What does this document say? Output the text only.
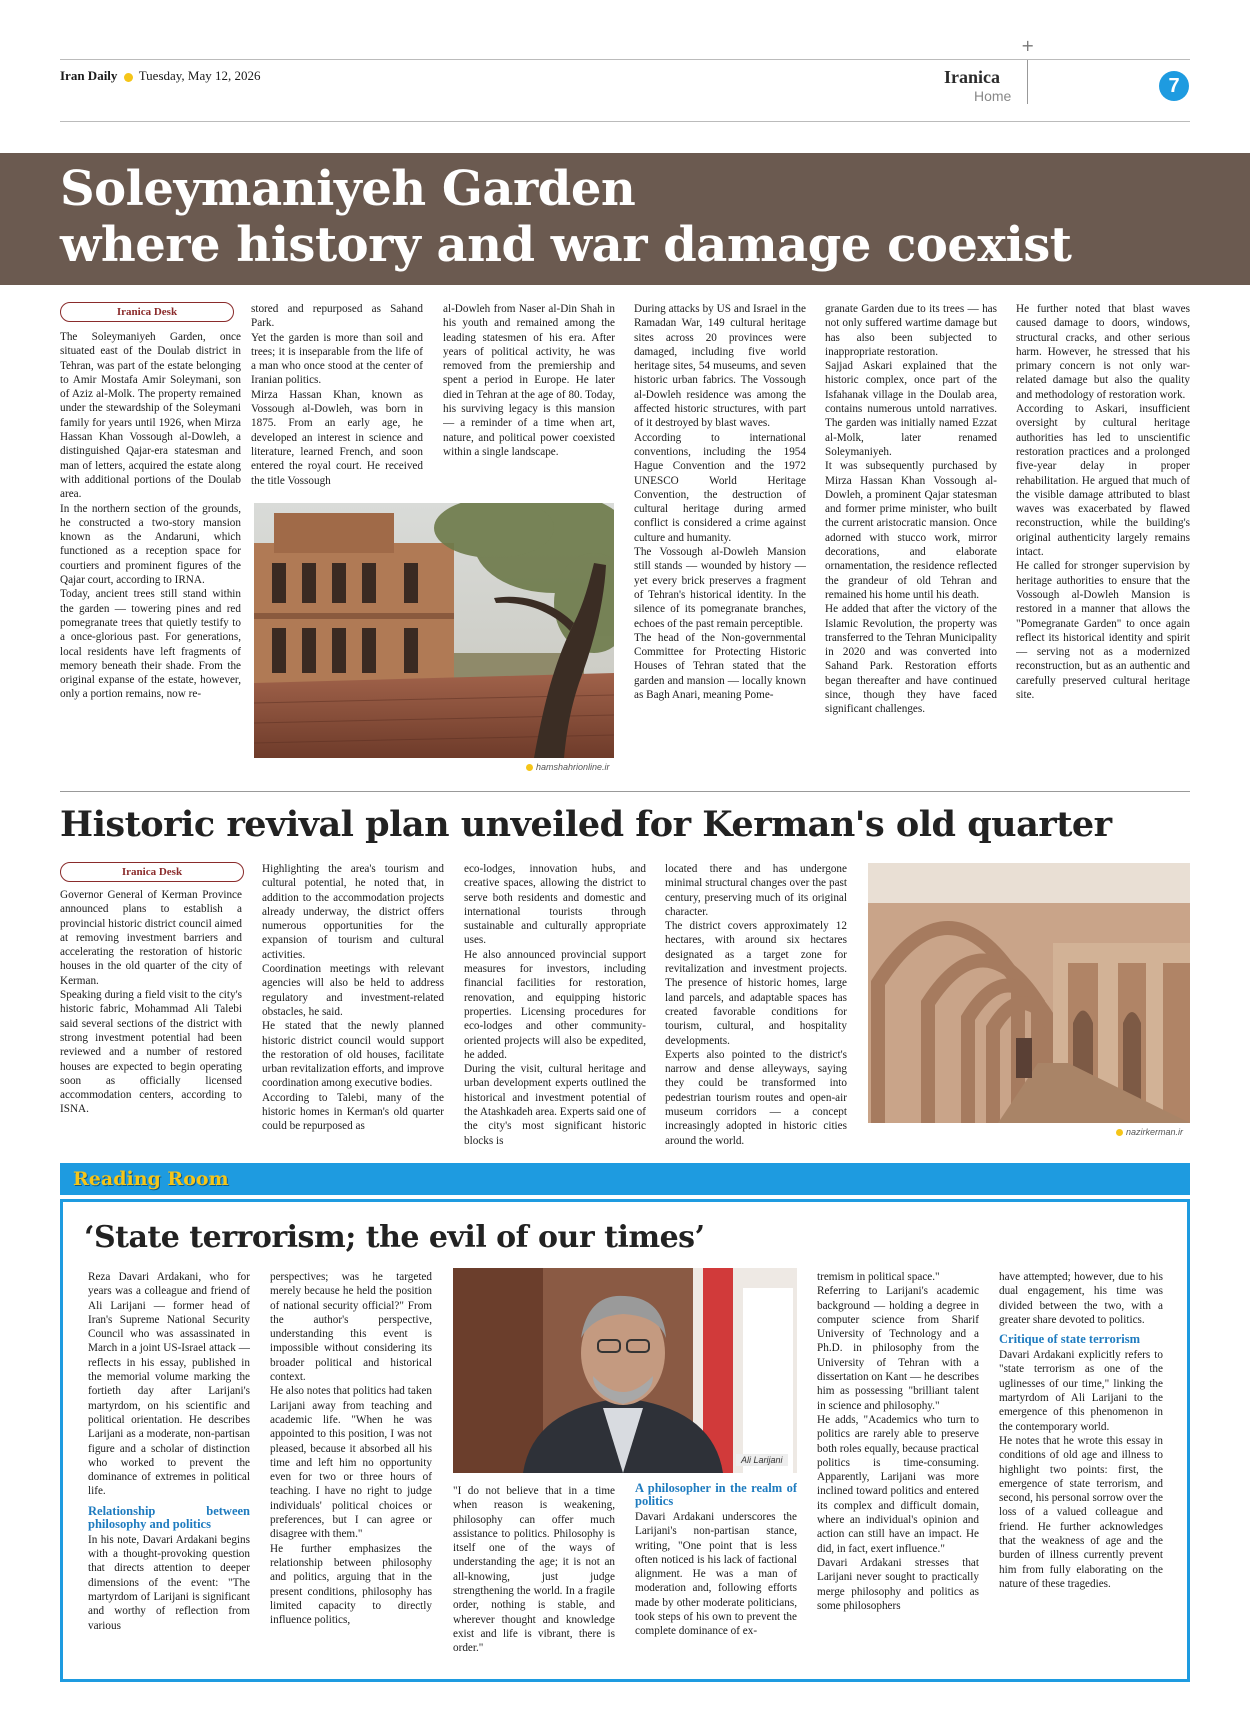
+
Iran Daily Tuesday, May 12, 2026	Iranica
Home	7
Soleymaniyeh Garden
where history and war damage coexist
Iranica Desk

The Soleymaniyeh Garden, once situated east of the Doulab district in Tehran, was part of the estate belonging to Amir Mostafa Amir Soleymani, son of Aziz al-Molk. The property remained under the stewardship of the Soleymani family for years until 1926, when Mirza Hassan Khan Vossough al-Dowleh, a distinguished Qajar-era statesman and man of letters, acquired the estate along with additional portions of the Doulab area.

In the northern section of the grounds, he constructed a two-story mansion known as the Andaruni, which functioned as a reception space for courtiers and prominent figures of the Qajar court, according to IRNA.

Today, ancient trees still stand within the garden — towering pines and red pomegranate trees that quietly testify to a once-glorious past. For generations, local residents have left fragments of memory beneath their shade. From the original expanse of the estate, however, only a portion remains, now re-

stored and repurposed as Sahand Park.

Yet the garden is more than soil and trees; it is inseparable from the life of a man who once stood at the center of Iranian politics.

Mirza Hassan Khan, known as Vossough al-Dowleh, was born in 1875. From an early age, he developed an interest in science and literature, learned French, and soon entered the royal court. He received the title Vossough

al-Dowleh from Naser al-Din Shah in his youth and remained among the leading statesmen of his era. After years of political activity, he was removed from the premiership and spent a period in Europe. He later died in Tehran at the age of 80. Today, his surviving legacy is this mansion — a reminder of a time when art, nature, and political power coexisted within a single landscape.

During attacks by US and Israel in the Ramadan War, 149 cultural heritage sites across 20 provinces were damaged, including five world heritage sites, 54 museums, and seven historic urban fabrics. The Vossough al-Dowleh residence was among the affected historic structures, with part of it destroyed by blast waves.

According to international conventions, including the 1954 Hague Convention and the 1972 UNESCO World Heritage Convention, the destruction of cultural heritage during armed conflict is considered a crime against culture and humanity.

The Vossough al-Dowleh Mansion still stands — wounded by history — yet every brick preserves a fragment of Tehran's historical identity. In the silence of its pomegranate branches, echoes of the past remain perceptible.

The head of the Non-governmental Committee for Protecting Historic Houses of Tehran stated that the garden and mansion — locally known as Bagh Anari, meaning Pome-

granate Garden due to its trees — has not only suffered wartime damage but has also been subjected to inappropriate restoration.

Sajjad Askari explained that the historic complex, once part of the Isfahanak village in the Doulab area, contains numerous untold narratives. The garden was initially named Ezzat al-Molk, later renamed Soleymaniyeh.

It was subsequently purchased by Mirza Hassan Khan Vossough al-Dowleh, a prominent Qajar statesman and former prime minister, who built the current aristocratic mansion. Once adorned with stucco work, mirror decorations, and elaborate ornamentation, the residence reflected the grandeur of old Tehran and remained his home until his death.

He added that after the victory of the Islamic Revolution, the property was transferred to the Tehran Municipality in 2020 and was converted into Sahand Park. Restoration efforts began thereafter and have continued since, though they have faced significant challenges.

He further noted that blast waves caused damage to doors, windows, structural cracks, and other serious harm. However, he stressed that his primary concern is not only war-related damage but also the quality and methodology of restoration work.

According to Askari, insufficient oversight by cultural heritage authorities has led to unscientific restoration practices and a prolonged five-year delay in proper rehabilitation. He argued that much of the visible damage attributed to blast waves was exacerbated by flawed reconstruction, while the building's original authenticity largely remains intact.

He called for stronger supervision by heritage authorities to ensure that the Vossough al-Dowleh Mansion is restored in a manner that allows the "Pomegranate Garden" to once again reflect its historical identity and spirit — serving not as a modernized reconstruction, but as an authentic and carefully preserved cultural heritage site.

hamshahrionline.ir
Historic revival plan unveiled for Kerman's old quarter
Iranica Desk

Governor General of Kerman Province announced plans to establish a provincial historic district council aimed at removing investment barriers and accelerating the restoration of historic houses in the old quarter of the city of Kerman.

Speaking during a field visit to the city's historic fabric, Mohammad Ali Talebi said several sections of the district with strong investment potential had been reviewed and a number of restored houses are expected to begin operating soon as officially licensed accommodation centers, according to ISNA.

Highlighting the area's tourism and cultural potential, he noted that, in addition to the accommodation projects already underway, the district offers numerous opportunities for the expansion of tourism and cultural activities.

Coordination meetings with relevant agencies will also be held to address regulatory and investment-related obstacles, he said.

He stated that the newly planned historic district council would support the restoration of old houses, facilitate urban revitalization efforts, and improve coordination among executive bodies.

According to Talebi, many of the historic homes in Kerman's old quarter could be repurposed as

eco-lodges, innovation hubs, and creative spaces, allowing the district to serve both residents and domestic and international tourists through sustainable and culturally appropriate uses.

He also announced provincial support measures for investors, including financial facilities for restoration, renovation, and equipping historic properties. Licensing procedures for eco-lodges and other community-oriented projects will also be expedited, he added.

During the visit, cultural heritage and urban development experts outlined the historical and investment potential of the Atashkadeh area. Experts said one of the city's most significant historic blocks is

located there and has undergone minimal structural changes over the past century, preserving much of its original character.

The district covers approximately 12 hectares, with around six hectares designated as a target zone for revitalization and investment projects. The presence of historic homes, large land parcels, and adaptable spaces has created favorable conditions for tourism, cultural, and hospitality developments.

Experts also pointed to the district's narrow and dense alleyways, saying they could be transformed into pedestrian tourism routes and open-air museum corridors — a concept increasingly adopted in historic cities around the world.

nazirkerman.ir
Reading Room
‘State terrorism; the evil of our times’

Reza Davari Ardakani, who for years was a colleague and friend of Ali Larijani — former head of Iran's Supreme National Security Council who was assassinated in March in a joint US-Israel attack — reflects in his essay, published in the memorial volume marking the fortieth day after Larijani's martyrdom, on his scientific and political orientation. He describes Larijani as a moderate, non-partisan figure and a scholar of distinction who worked to prevent the dominance of extremes in political life.

Relationship between philosophy and politics

In his note, Davari Ardakani begins with a thought-provoking question that directs attention to deeper dimensions of the event: "The martyrdom of Larijani is significant and worthy of reflection from various

perspectives; was he targeted merely because he held the position of national security official?" From the author's perspective, understanding this event is impossible without considering its broader political and historical context.

He also notes that politics had taken Larijani away from teaching and academic life. "When he was appointed to this position, I was not pleased, because it absorbed all his time and left him no opportunity even for two or three hours of teaching. I have no right to judge individuals' political choices or preferences, but I can agree or disagree with them."

He further emphasizes the relationship between philosophy and politics, arguing that in the present conditions, philosophy has limited capacity to directly influence politics,

Ali Larijani

"I do not believe that in a time when reason is weakening, philosophy can offer much assistance to politics. Philosophy is itself one of the ways of understanding the age; it is not an all-knowing, just judge strengthening the world. In a fragile order, nothing is stable, and wherever thought and knowledge exist and life is vibrant, there is order."

A philosopher in the realm of politics

Davari Ardakani underscores the Larijani's non-partisan stance, writing, "One point that is less often noticed is his lack of factional alignment. He was a man of moderation and, following efforts made by other moderate politicians, took steps of his own to prevent the complete dominance of ex-

tremism in political space."

Referring to Larijani's academic background — holding a degree in computer science from Sharif University of Technology and a Ph.D. in philosophy from the University of Tehran with a dissertation on Kant — he describes him as possessing "brilliant talent in science and philosophy."

He adds, "Academics who turn to politics are rarely able to preserve both roles equally, because practical politics is time-consuming. Apparently, Larijani was more inclined toward politics and entered its complex and difficult domain, where an individual's opinion and action can still have an impact. He did, in fact, exert influence."

Davari Ardakani stresses that Larijani never sought to practically merge philosophy and politics as some philosophers

have attempted; however, due to his dual engagement, his time was divided between the two, with a greater share devoted to politics.

Critique of state terrorism

Davari Ardakani explicitly refers to "state terrorism as one of the uglinesses of our time," linking the martyrdom of Ali Larijani to the emergence of this phenomenon in the contemporary world.

He notes that he wrote this essay in conditions of old age and illness to highlight two points: first, the emergence of state terrorism, and second, his personal sorrow over the loss of a valued colleague and friend. He further acknowledges that the weakness of age and the burden of illness currently prevent him from fully elaborating on the nature of these tragedies.
